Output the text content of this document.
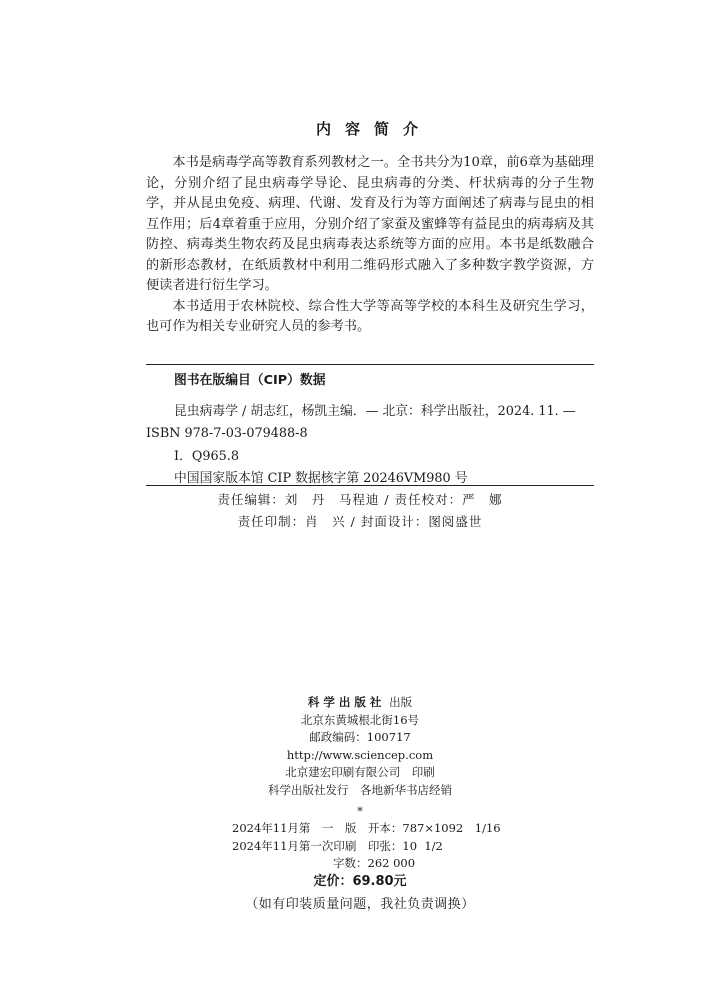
内容简介

本书是病毒学高等教育系列教材之一。全书共分为10章，前6章为基础理论，分别介绍了昆虫病毒学导论、昆虫病毒的分类、杆状病毒的分子生物学，并从昆虫免疫、病理、代谢、发育及行为等方面阐述了病毒与昆虫的相互作用；后4章着重于应用，分别介绍了家蚕及蜜蜂等有益昆虫的病毒病及其防控、病毒类生物农药及昆虫病毒表达系统等方面的应用。本书是纸数融合的新形态教材，在纸质教材中利用二维码形式融入了多种数字教学资源，方便读者进行衍生学习。

本书适用于农林院校、综合性大学等高等学校的本科生及研究生学习，也可作为相关专业研究人员的参考书。

图书在版编目（CIP）数据
昆虫病毒学 / 胡志红，杨凯主编．— 北京：科学出版社，2024. 11. —
ISBN 978-7-03-079488-8
Ⅰ．Q965.8
中国国家版本馆 CIP 数据核字第 20246VM980 号
责任编辑：刘　丹　马程迪 / 责任校对：严　娜
责任印制：肖　兴 / 封面设计：图阅盛世
科学出版社 出版
北京东黄城根北街16号
邮政编码：100717
http://www.sciencep.com
北京建宏印刷有限公司　印刷
科学出版社发行　各地新华书店经销
*
2024年11月第　一　版　开本：787×1092　1/16
2024年11月第一次印刷　印张：10  1/2
字数：262 000
定价：69.80元
（如有印装质量问题，我社负责调换）
